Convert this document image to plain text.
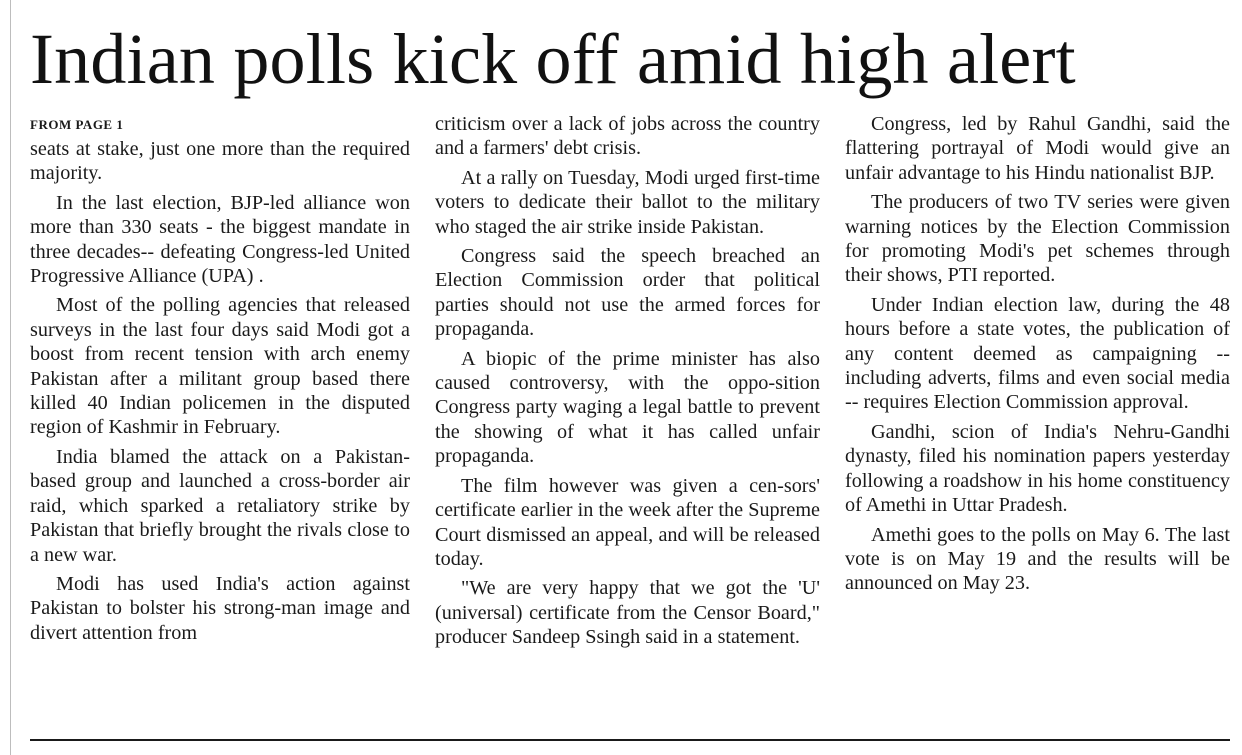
Indian polls kick off amid high alert
FROM PAGE 1

seats at stake, just one more than the required majority.

In the last election, BJP-led alliance won more than 330 seats - the biggest mandate in three decades-- defeating Congress-led United Progressive Alliance (UPA) .

Most of the polling agencies that released surveys in the last four days said Modi got a boost from recent tension with arch enemy Pakistan after a militant group based there killed 40 Indian policemen in the disputed region of Kashmir in February.

India blamed the attack on a Pakistan-based group and launched a cross-border air raid, which sparked a retaliatory strike by Pakistan that briefly brought the rivals close to a new war.

Modi has used India's action against Pakistan to bolster his strong-man image and divert attention from

criticism over a lack of jobs across the country and a farmers' debt crisis.

At a rally on Tuesday, Modi urged first-time voters to dedicate their ballot to the military who staged the air strike inside Pakistan.

Congress said the speech breached an Election Commission order that political parties should not use the armed forces for propaganda.

A biopic of the prime minister has also caused controversy, with the oppo-sition Congress party waging a legal battle to prevent the showing of what it has called unfair propaganda.

The film however was given a cen-sors' certificate earlier in the week after the Supreme Court dismissed an appeal, and will be released today.

"We are very happy that we got the 'U' (universal) certificate from the Censor Board," producer Sandeep Ssingh said in a statement.

Congress, led by Rahul Gandhi, said the flattering portrayal of Modi would give an unfair advantage to his Hindu nationalist BJP.

The producers of two TV series were given warning notices by the Election Commission for promoting Modi's pet schemes through their shows, PTI reported.

Under Indian election law, during the 48 hours before a state votes, the publication of any content deemed as campaigning -- including adverts, films and even social media -- requires Election Commission approval.

Gandhi, scion of India's Nehru-Gandhi dynasty, filed his nomination papers yesterday following a roadshow in his home constituency of Amethi in Uttar Pradesh.

Amethi goes to the polls on May 6. The last vote is on May 19 and the results will be announced on May 23.
